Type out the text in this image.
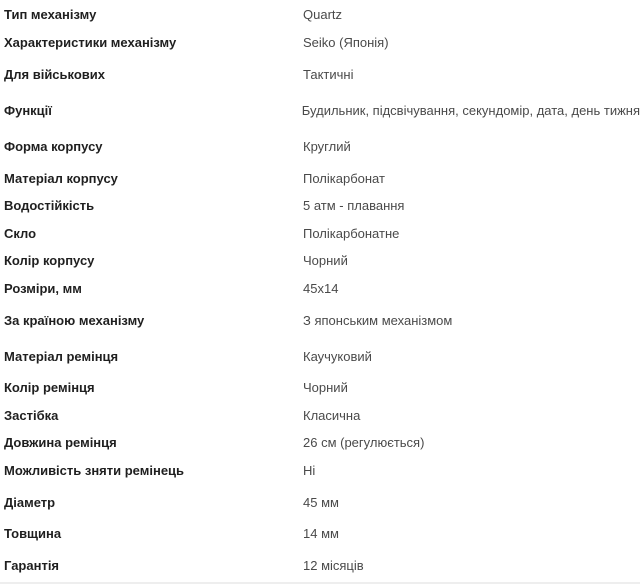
Тип механізму	Quartz
Характеристики механізму	Seiko (Японія)
Для військових	Тактичні
Функції	Будильник, підсвічування, секундомір, дата, день тижня
Форма корпусу	Круглий
Матеріал корпусу	Полікарбонат
Водостійкість	5 атм - плавання
Скло	Полікарбонатне
Колір корпусу	Чорний
Розміри, мм	45х14
За країною механізму	З японським механізмом
Матеріал ремінця	Каучуковий
Колір ремінця	Чорний
Застібка	Класична
Довжина ремінця	26 см (регулюється)
Можливість зняти ремінець	Ні
Діаметр	45 мм
Товщина	14 мм
Гарантія	12 місяців
